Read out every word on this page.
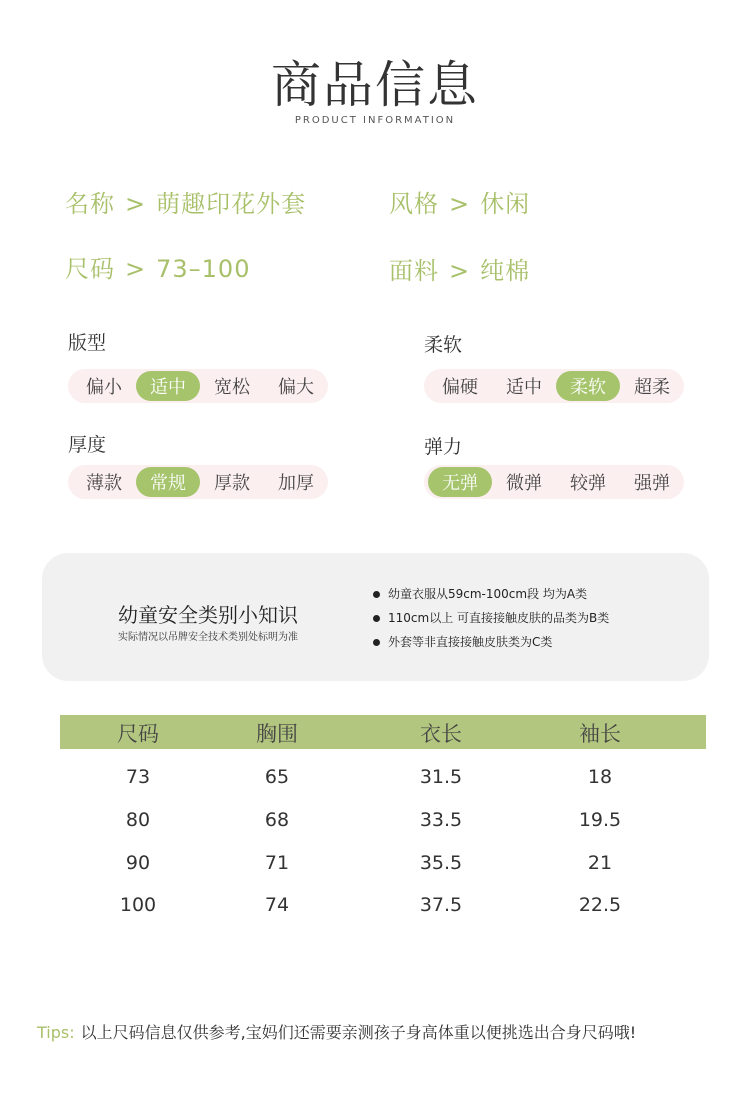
商品信息
PRODUCT INFORMATION
名称 > 萌趣印花外套	风格 > 休闲
尺码 > 73–100	面料 > 纯棉
版型
偏小	适中	宽松	偏大
柔软
偏硬	适中	柔软	超柔
厚度
薄款	常规	厚款	加厚
弹力
无弹	微弹	较弹	强弹
幼童安全类别小知识
实际情况以吊牌安全技术类别处标明为准
幼童衣服从59cm-100cm段 均为A类
110cm以上 可直接接触皮肤的品类为B类
外套等非直接接触皮肤类为C类
尺码	胸围	衣长	袖长
73	65	31.5	18
80	68	33.5	19.5
90	71	35.5	21
100	74	37.5	22.5
Tips: 以上尺码信息仅供参考,宝妈们还需要亲测孩子身高体重以便挑选出合身尺码哦!
